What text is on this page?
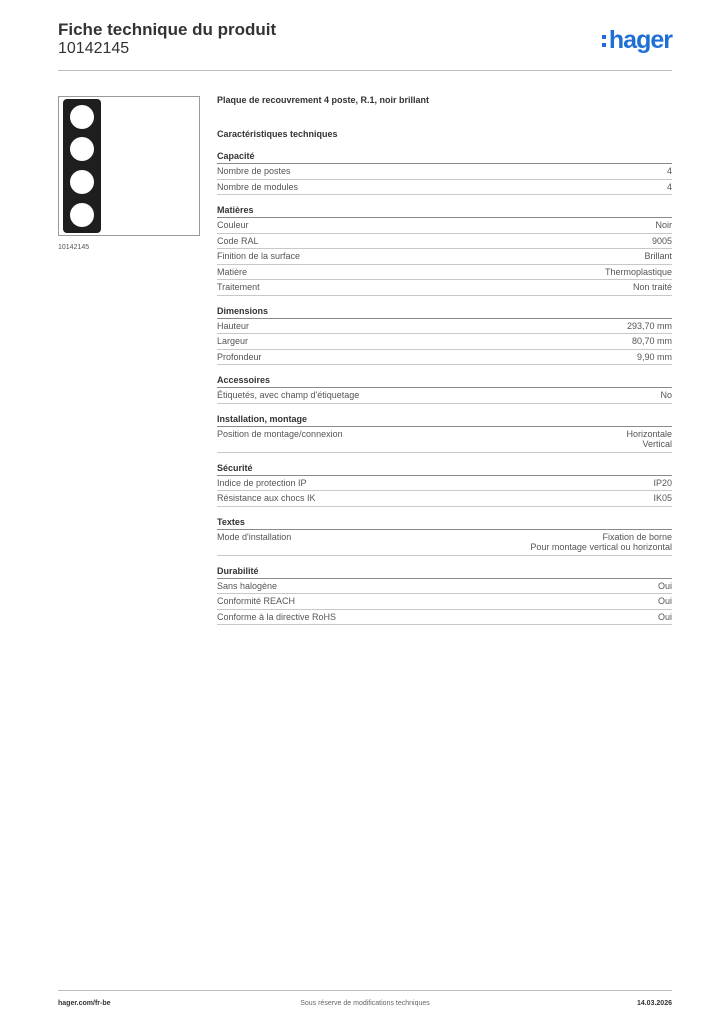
Fiche technique du produit
10142145	hager
10142145
Plaque de recouvrement 4 poste, R.1, noir brillant
Caractéristiques techniques
Capacité
Nombre de postes	4
Nombre de modules	4
Matières
Couleur	Noir
Code RAL	9005
Finition de la surface	Brillant
Matière	Thermoplastique
Traitement	Non traité
Dimensions
Hauteur	293,70 mm
Largeur	80,70 mm
Profondeur	9,90 mm
Accessoires
Étiquetés, avec champ d'étiquetage	No
Installation, montage
Position de montage/connexion	Horizontale
Vertical
Sécurité
Indice de protection IP	IP20
Résistance aux chocs IK	IK05
Textes
Mode d'installation	Fixation de borne
Pour montage vertical ou horizontal
Durabilité
Sans halogène	Oui
Conformité REACH	Oui
Conforme à la directive RoHS	Oui
hager.com/fr-be	Sous réserve de modifications techniques	14.03.2026
